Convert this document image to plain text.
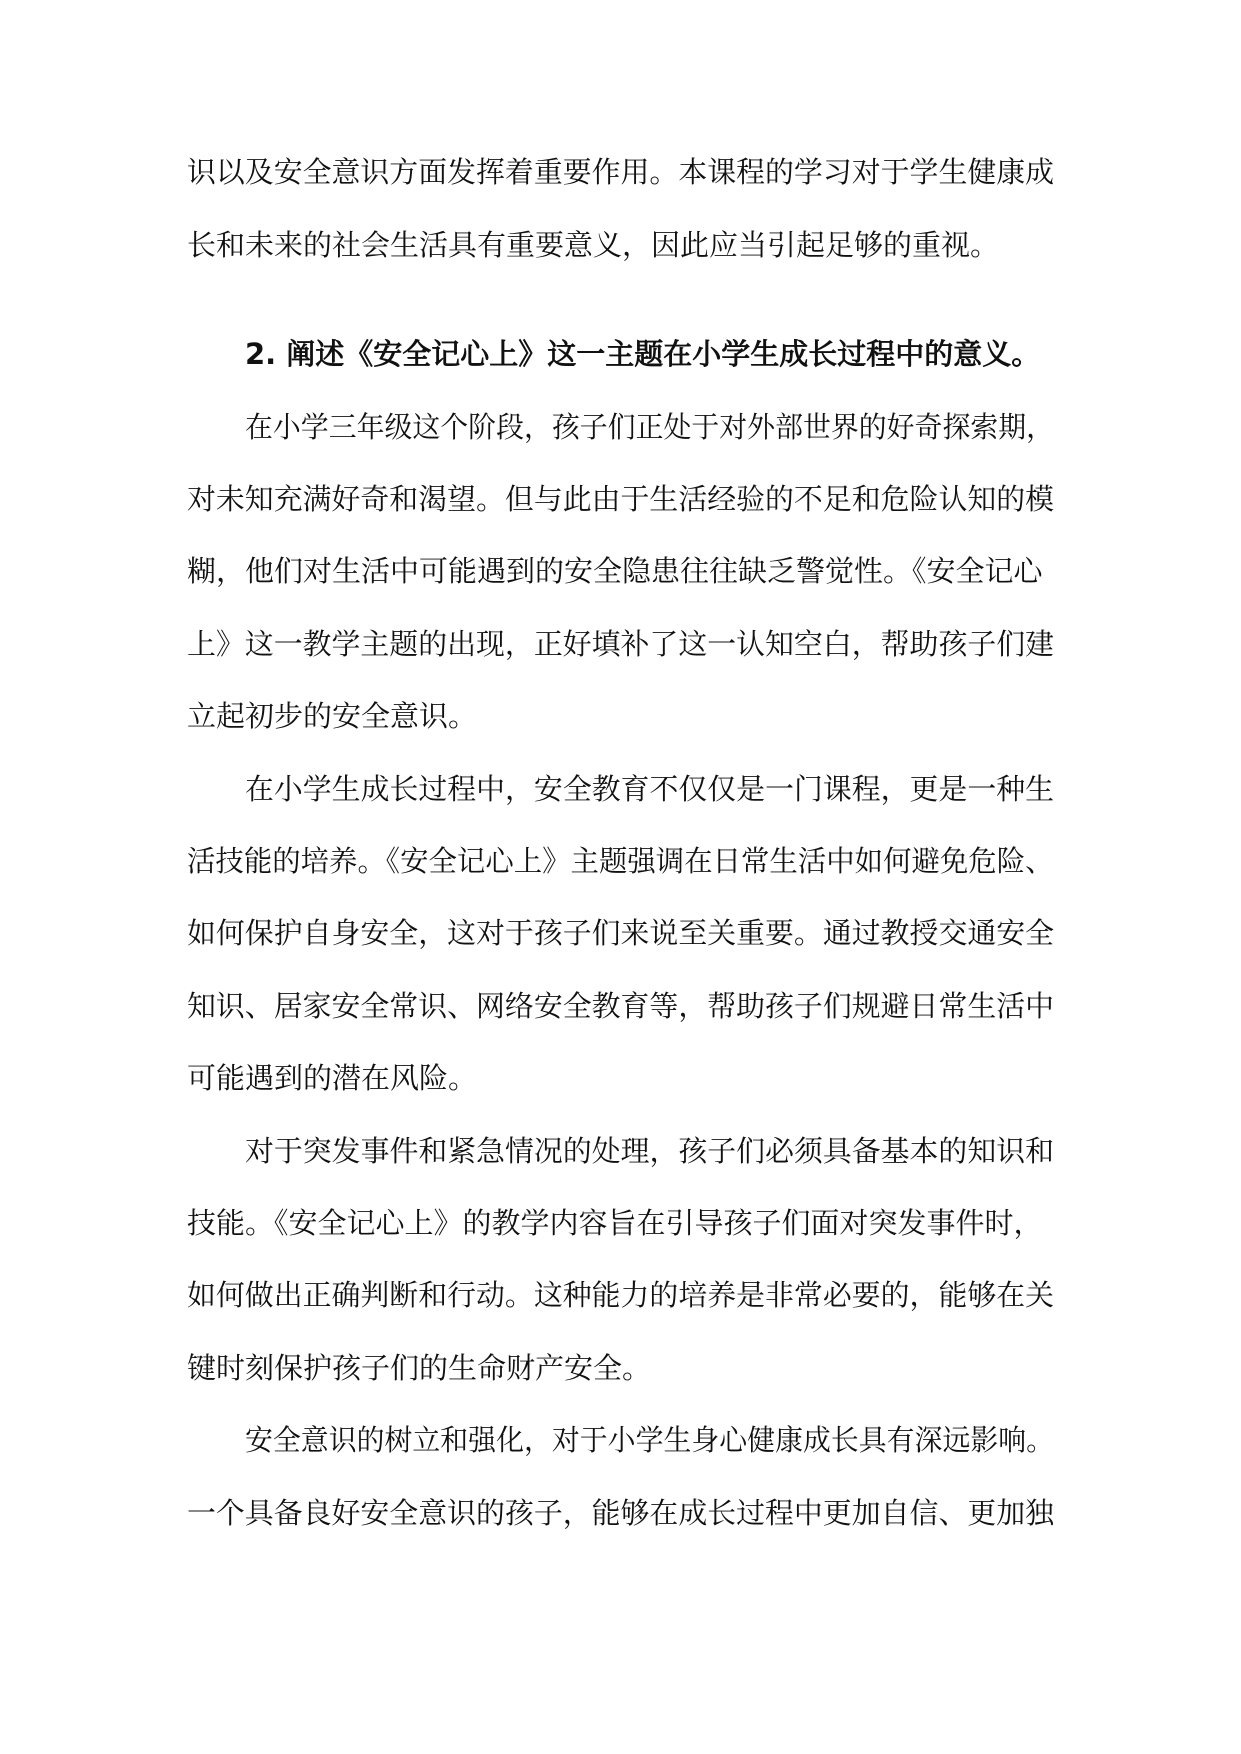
识以及安全意识方面发挥着重要作用。本课程的学习对于学生健康成
长和未来的社会生活具有重要意义，因此应当引起足够的重视。
2. 阐述《安全记心上》这一主题在小学生成长过程中的意义。
在小学三年级这个阶段，孩子们正处于对外部世界的好奇探索期，
对未知充满好奇和渴望。但与此由于生活经验的不足和危险认知的模
糊，他们对生活中可能遇到的安全隐患往往缺乏警觉性。《安全记心
上》这一教学主题的出现，正好填补了这一认知空白，帮助孩子们建
立起初步的安全意识。
在小学生成长过程中，安全教育不仅仅是一门课程，更是一种生
活技能的培养。《安全记心上》主题强调在日常生活中如何避免危险、
如何保护自身安全，这对于孩子们来说至关重要。通过教授交通安全
知识、居家安全常识、网络安全教育等，帮助孩子们规避日常生活中
可能遇到的潜在风险。
对于突发事件和紧急情况的处理，孩子们必须具备基本的知识和
技能。《安全记心上》的教学内容旨在引导孩子们面对突发事件时，
如何做出正确判断和行动。这种能力的培养是非常必要的，能够在关
键时刻保护孩子们的生命财产安全。
安全意识的树立和强化，对于小学生身心健康成长具有深远影响。
一个具备良好安全意识的孩子，能够在成长过程中更加自信、更加独
